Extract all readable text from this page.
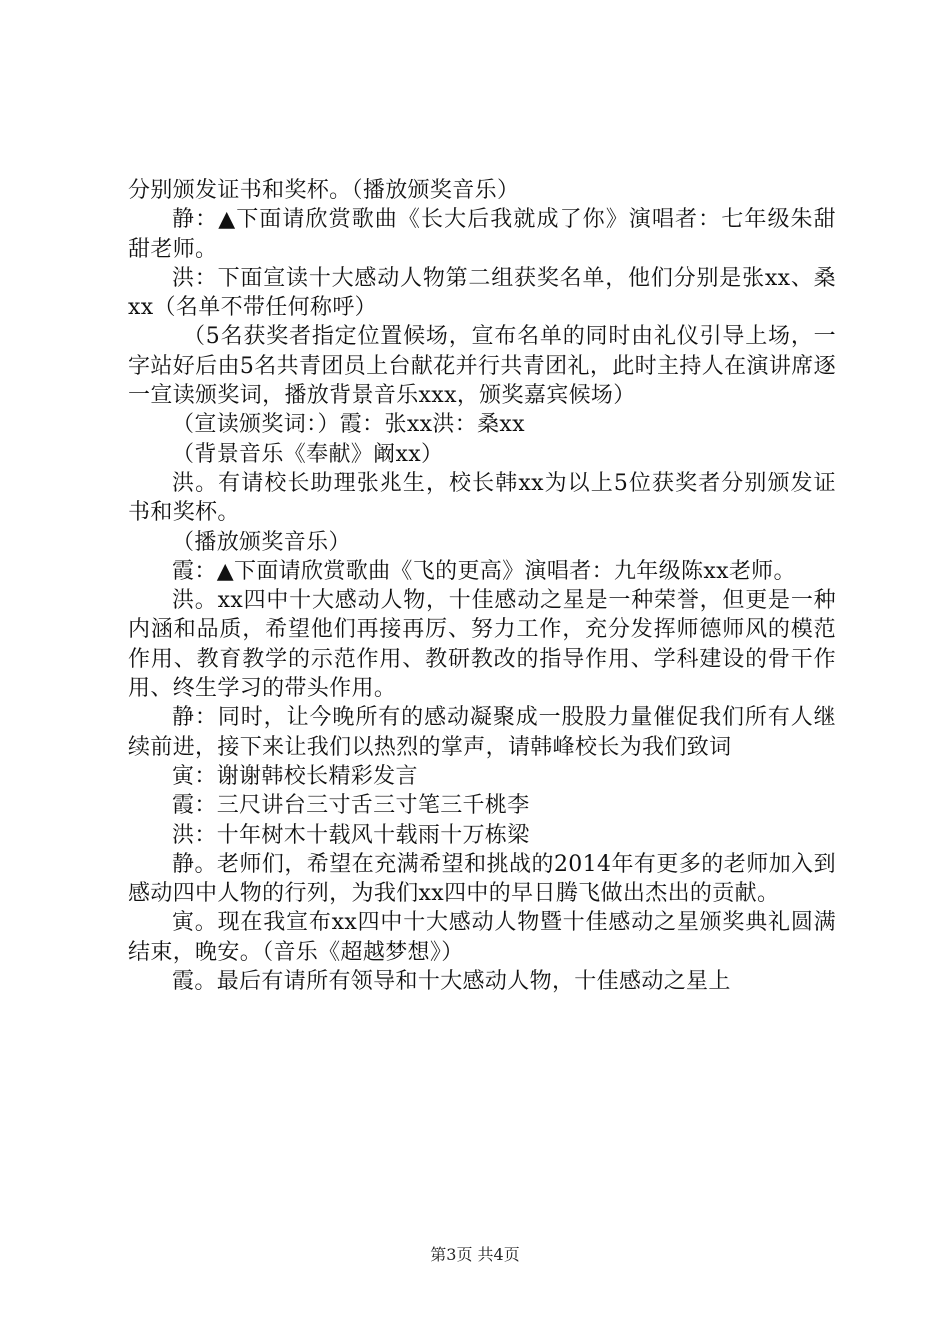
分别颁发证书和奖杯。（播放颁奖音乐）

静：▲下面请欣赏歌曲《长大后我就成了你》演唱者：七年级朱甜甜老师。

洪：下面宣读十大感动人物第二组获奖名单，他们分别是张xx、桑xx（名单不带任何称呼）

（5名获奖者指定位置候场，宣布名单的同时由礼仪引导上场，一字站好后由5名共青团员上台献花并行共青团礼，此时主持人在演讲席逐一宣读颁奖词，播放背景音乐xxx，颁奖嘉宾候场）

（宣读颁奖词：）霞：张xx洪：桑xx

（背景音乐《奉献》阚xx）

洪。有请校长助理张兆生，校长韩xx为以上5位获奖者分别颁发证书和奖杯。

（播放颁奖音乐）

霞：▲下面请欣赏歌曲《飞的更高》演唱者：九年级陈xx老师。

洪。xx四中十大感动人物，十佳感动之星是一种荣誉，但更是一种内涵和品质，希望他们再接再厉、努力工作，充分发挥师德师风的模范作用、教育教学的示范作用、教研教改的指导作用、学科建设的骨干作用、终生学习的带头作用。

静：同时，让今晚所有的感动凝聚成一股股力量催促我们所有人继续前进，接下来让我们以热烈的掌声，请韩峰校长为我们致词

寅：谢谢韩校长精彩发言

霞：三尺讲台三寸舌三寸笔三千桃李

洪：十年树木十载风十载雨十万栋梁

静。老师们，希望在充满希望和挑战的2014年有更多的老师加入到感动四中人物的行列，为我们xx四中的早日腾飞做出杰出的贡献。

寅。现在我宣布xx四中十大感动人物暨十佳感动之星颁奖典礼圆满结束，晚安。（音乐《超越梦想》）

霞。最后有请所有领导和十大感动人物，十佳感动之星上

第3页 共4页
